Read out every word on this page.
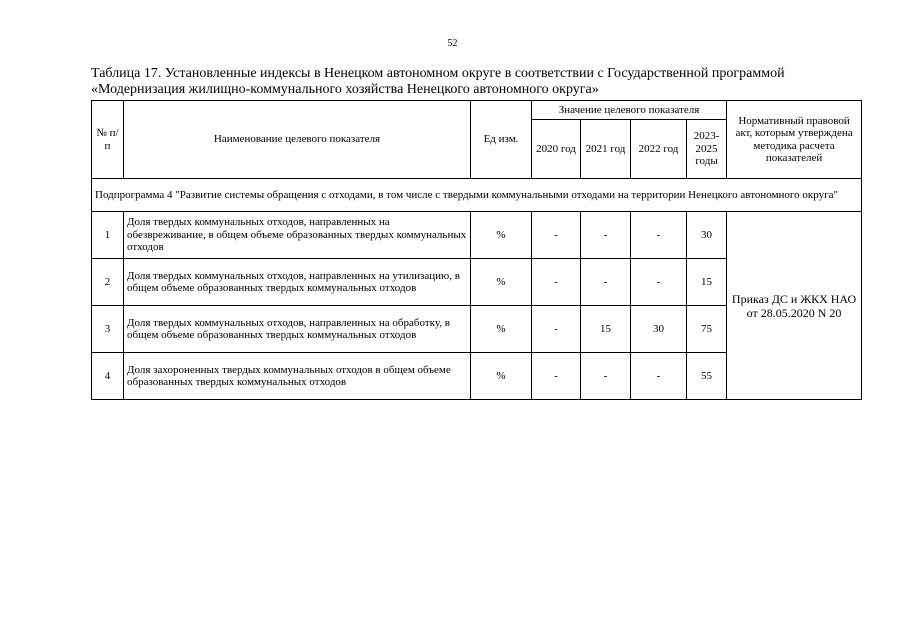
52
Таблица 17. Установленные индексы в Ненецком автономном округе в соответствии с Государственной программой
«Модернизация жилищно-коммунального хозяйства Ненецкого автономного округа»
№ п/п	Наименование целевого показателя	Ед изм.	Значение целевого показателя				Нормативный правовой акт, которым утверждена методика расчета показателей
			2020 год	2021 год	2022 год	2023-2025 годы	
Подпрограмма 4 "Развитие системы обращения с отходами, в том числе с твердыми коммунальными отходами на территории Ненецкого автономного округа"							
1	Доля твердых коммунальных отходов, направленных на обезвреживание, в общем объеме образованных твердых коммунальных отходов	%	-	-	-	30	Приказ ДС и ЖКХ НАО от 28.05.2020 N 20
2	Доля твердых коммунальных отходов, направленных на утилизацию, в общем объеме образованных твердых коммунальных отходов	%	-	-	-	15	
3	Доля твердых коммунальных отходов, направленных на обработку, в общем объеме образованных твердых коммунальных отходов	%	-	15	30	75	
4	Доля захороненных твердых коммунальных отходов в общем объеме образованных твердых коммунальных отходов	%	-	-	-	55	
